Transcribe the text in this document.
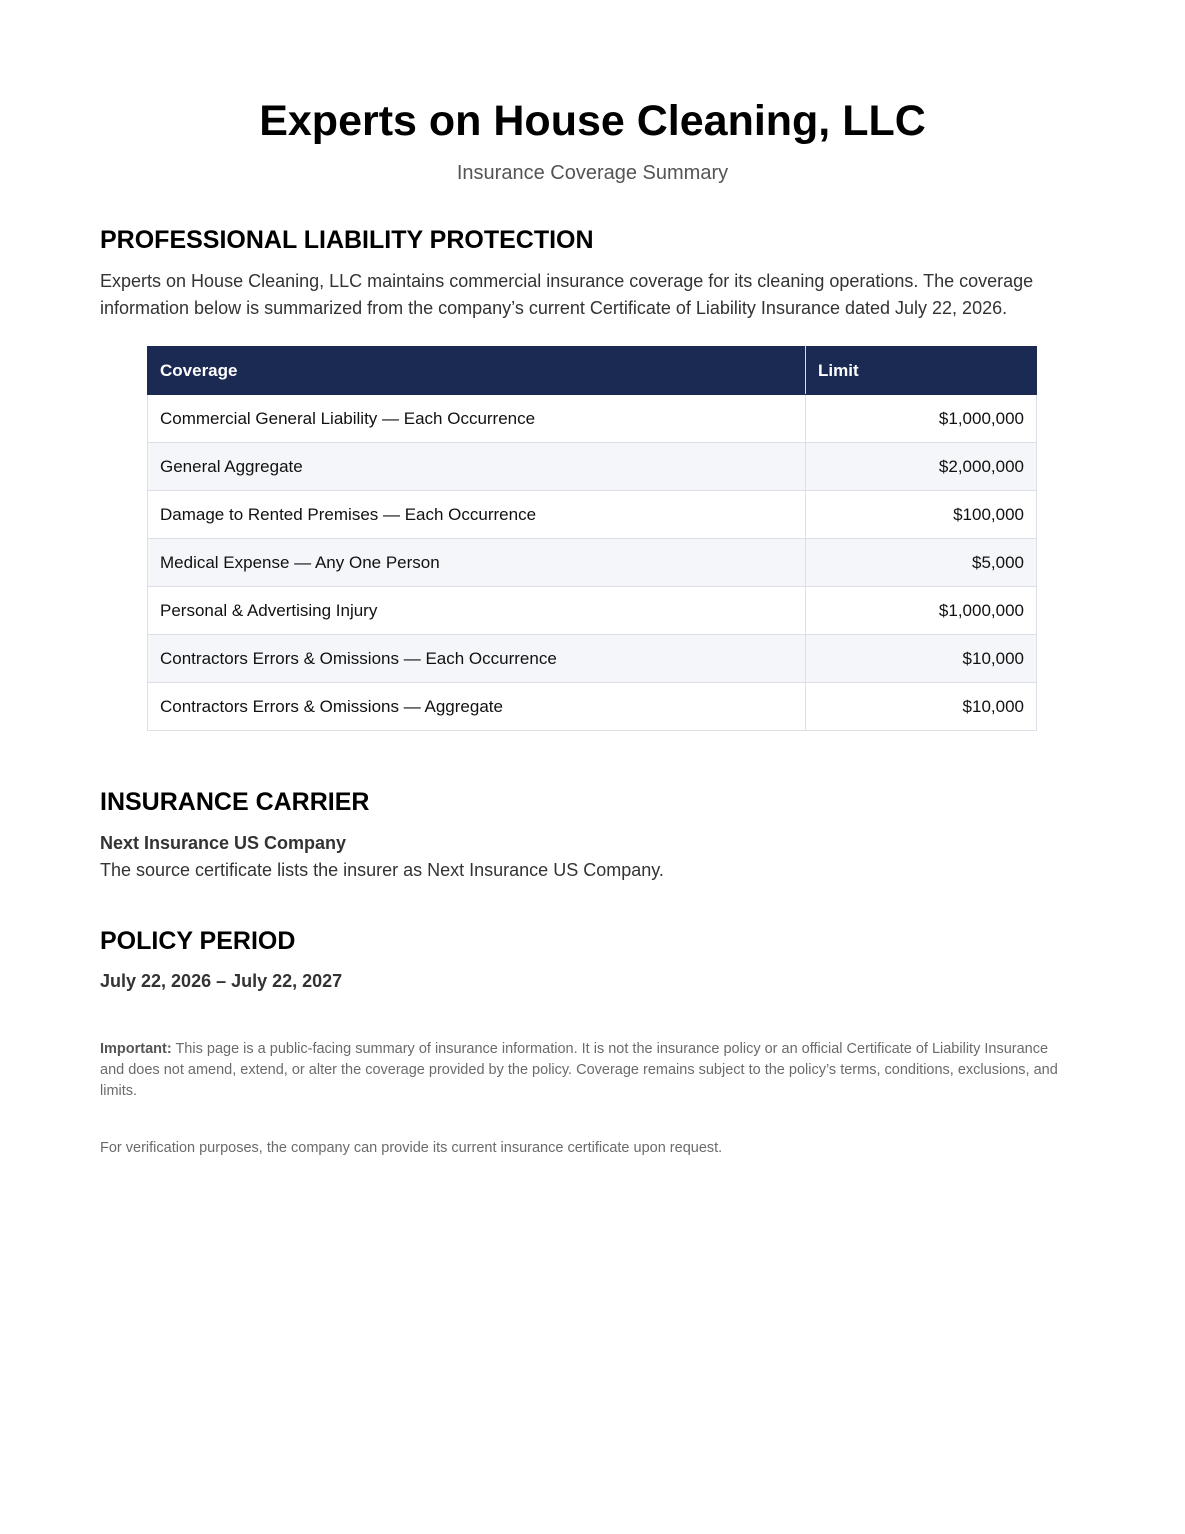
Experts on House Cleaning, LLC

Insurance Coverage Summary

PROFESSIONAL LIABILITY PROTECTION

Experts on House Cleaning, LLC maintains commercial insurance coverage for its cleaning operations. The coverage information below is summarized from the company’s current Certificate of Liability Insurance dated July 22, 2026.

Coverage	Limit
Commercial General Liability — Each Occurrence	$1,000,000
General Aggregate	$2,000,000
Damage to Rented Premises — Each Occurrence	$100,000
Medical Expense — Any One Person	$5,000
Personal & Advertising Injury	$1,000,000
Contractors Errors & Omissions — Each Occurrence	$10,000
Contractors Errors & Omissions — Aggregate	$10,000
INSURANCE CARRIER

Next Insurance US Company

The source certificate lists the insurer as Next Insurance US Company.

POLICY PERIOD

July 22, 2026 – July 22, 2027

Important: This page is a public-facing summary of insurance information. It is not the insurance policy or an official Certificate of Liability Insurance and does not amend, extend, or alter the coverage provided by the policy. Coverage remains subject to the policy’s terms, conditions, exclusions, and limits.

For verification purposes, the company can provide its current insurance certificate upon request.
